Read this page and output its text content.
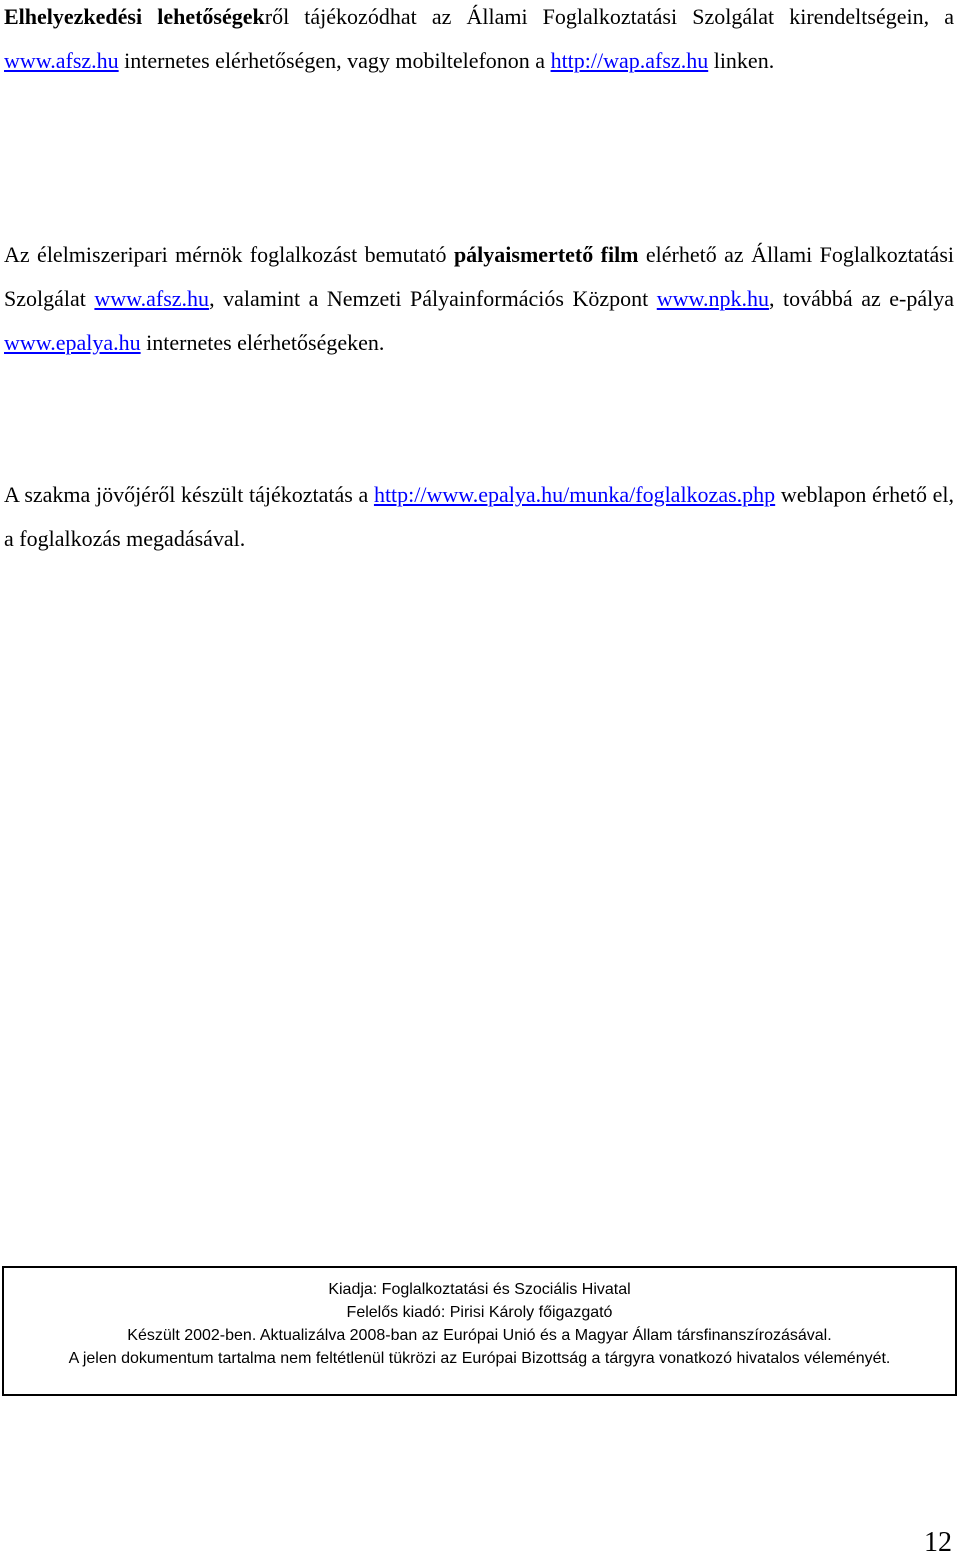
Elhelyezkedési lehetőségekről tájékozódhat az Állami Foglalkoztatási Szolgálat kirendeltségein, a www.afsz.hu internetes elérhetőségen, vagy mobiltelefonon a http://wap.afsz.hu linken.

Az élelmiszeripari mérnök foglalkozást bemutató pályaismertető film elérhető az Állami Foglalkoztatási Szolgálat www.afsz.hu, valamint a Nemzeti Pályainformációs Központ www.npk.hu, továbbá az e-pálya www.epalya.hu internetes elérhetőségeken.

A szakma jövőjéről készült tájékoztatás a http://www.epalya.hu/munka/foglalkozas.php weblapon érhető el, a foglalkozás megadásával.

Kiadja: Foglalkoztatási és Szociális Hivatal
Felelős kiadó: Pirisi Károly főigazgató
Készült 2002-ben. Aktualizálva 2008-ban az Európai Unió és a Magyar Állam társfinanszírozásával.
A jelen dokumentum tartalma nem feltétlenül tükrözi az Európai Bizottság a tárgyra vonatkozó hivatalos véleményét.
12
